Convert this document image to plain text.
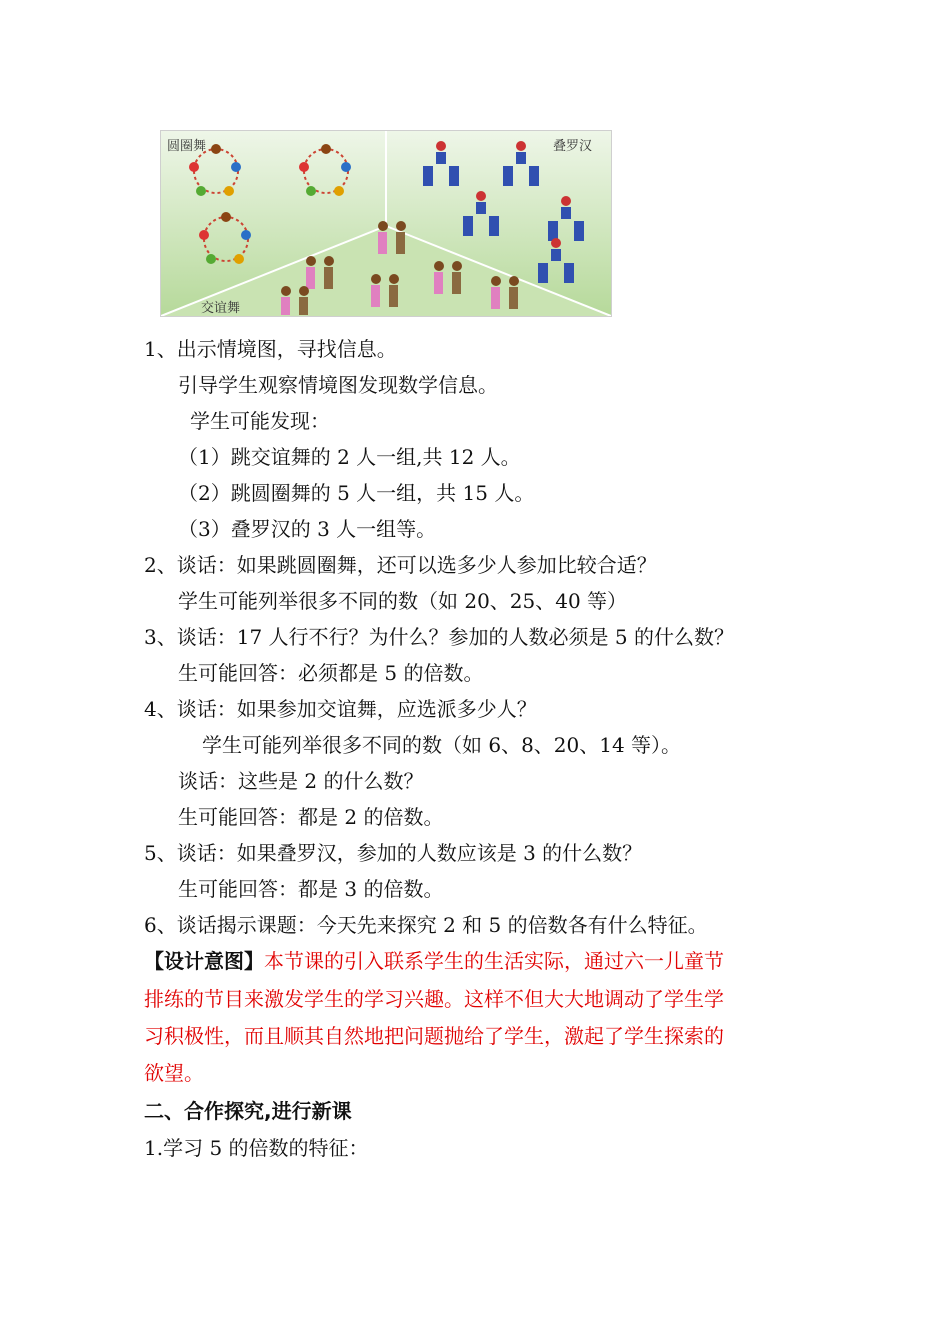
圆圈舞	叠罗汉
交谊舞
1、出示情境图，寻找信息。
引导学生观察情境图发现数学信息。
学生可能发现：
（1）跳交谊舞的 2 人一组,共 12 人。
（2）跳圆圈舞的 5 人一组，共 15 人。
（3）叠罗汉的 3 人一组等。
2、谈话：如果跳圆圈舞，还可以选多少人参加比较合适？
学生可能列举很多不同的数（如 20、25、40 等）
3、谈话：17 人行不行？为什么？参加的人数必须是 5 的什么数？
生可能回答：必须都是 5 的倍数。
4、谈话：如果参加交谊舞，应选派多少人？
学生可能列举很多不同的数（如 6、8、20、14 等）。
谈话：这些是 2 的什么数？
生可能回答：都是 2 的倍数。
5、谈话：如果叠罗汉，参加的人数应该是 3 的什么数？
生可能回答：都是 3 的倍数。
6、谈话揭示课题：今天先来探究 2 和 5 的倍数各有什么特征。
【设计意图】本节课的引入联系学生的生活实际，通过六一儿童节
排练的节目来激发学生的学习兴趣。这样不但大大地调动了学生学
习积极性，而且顺其自然地把问题抛给了学生，激起了学生探索的
欲望。
二、合作探究,进行新课
1.学习 5 的倍数的特征：
